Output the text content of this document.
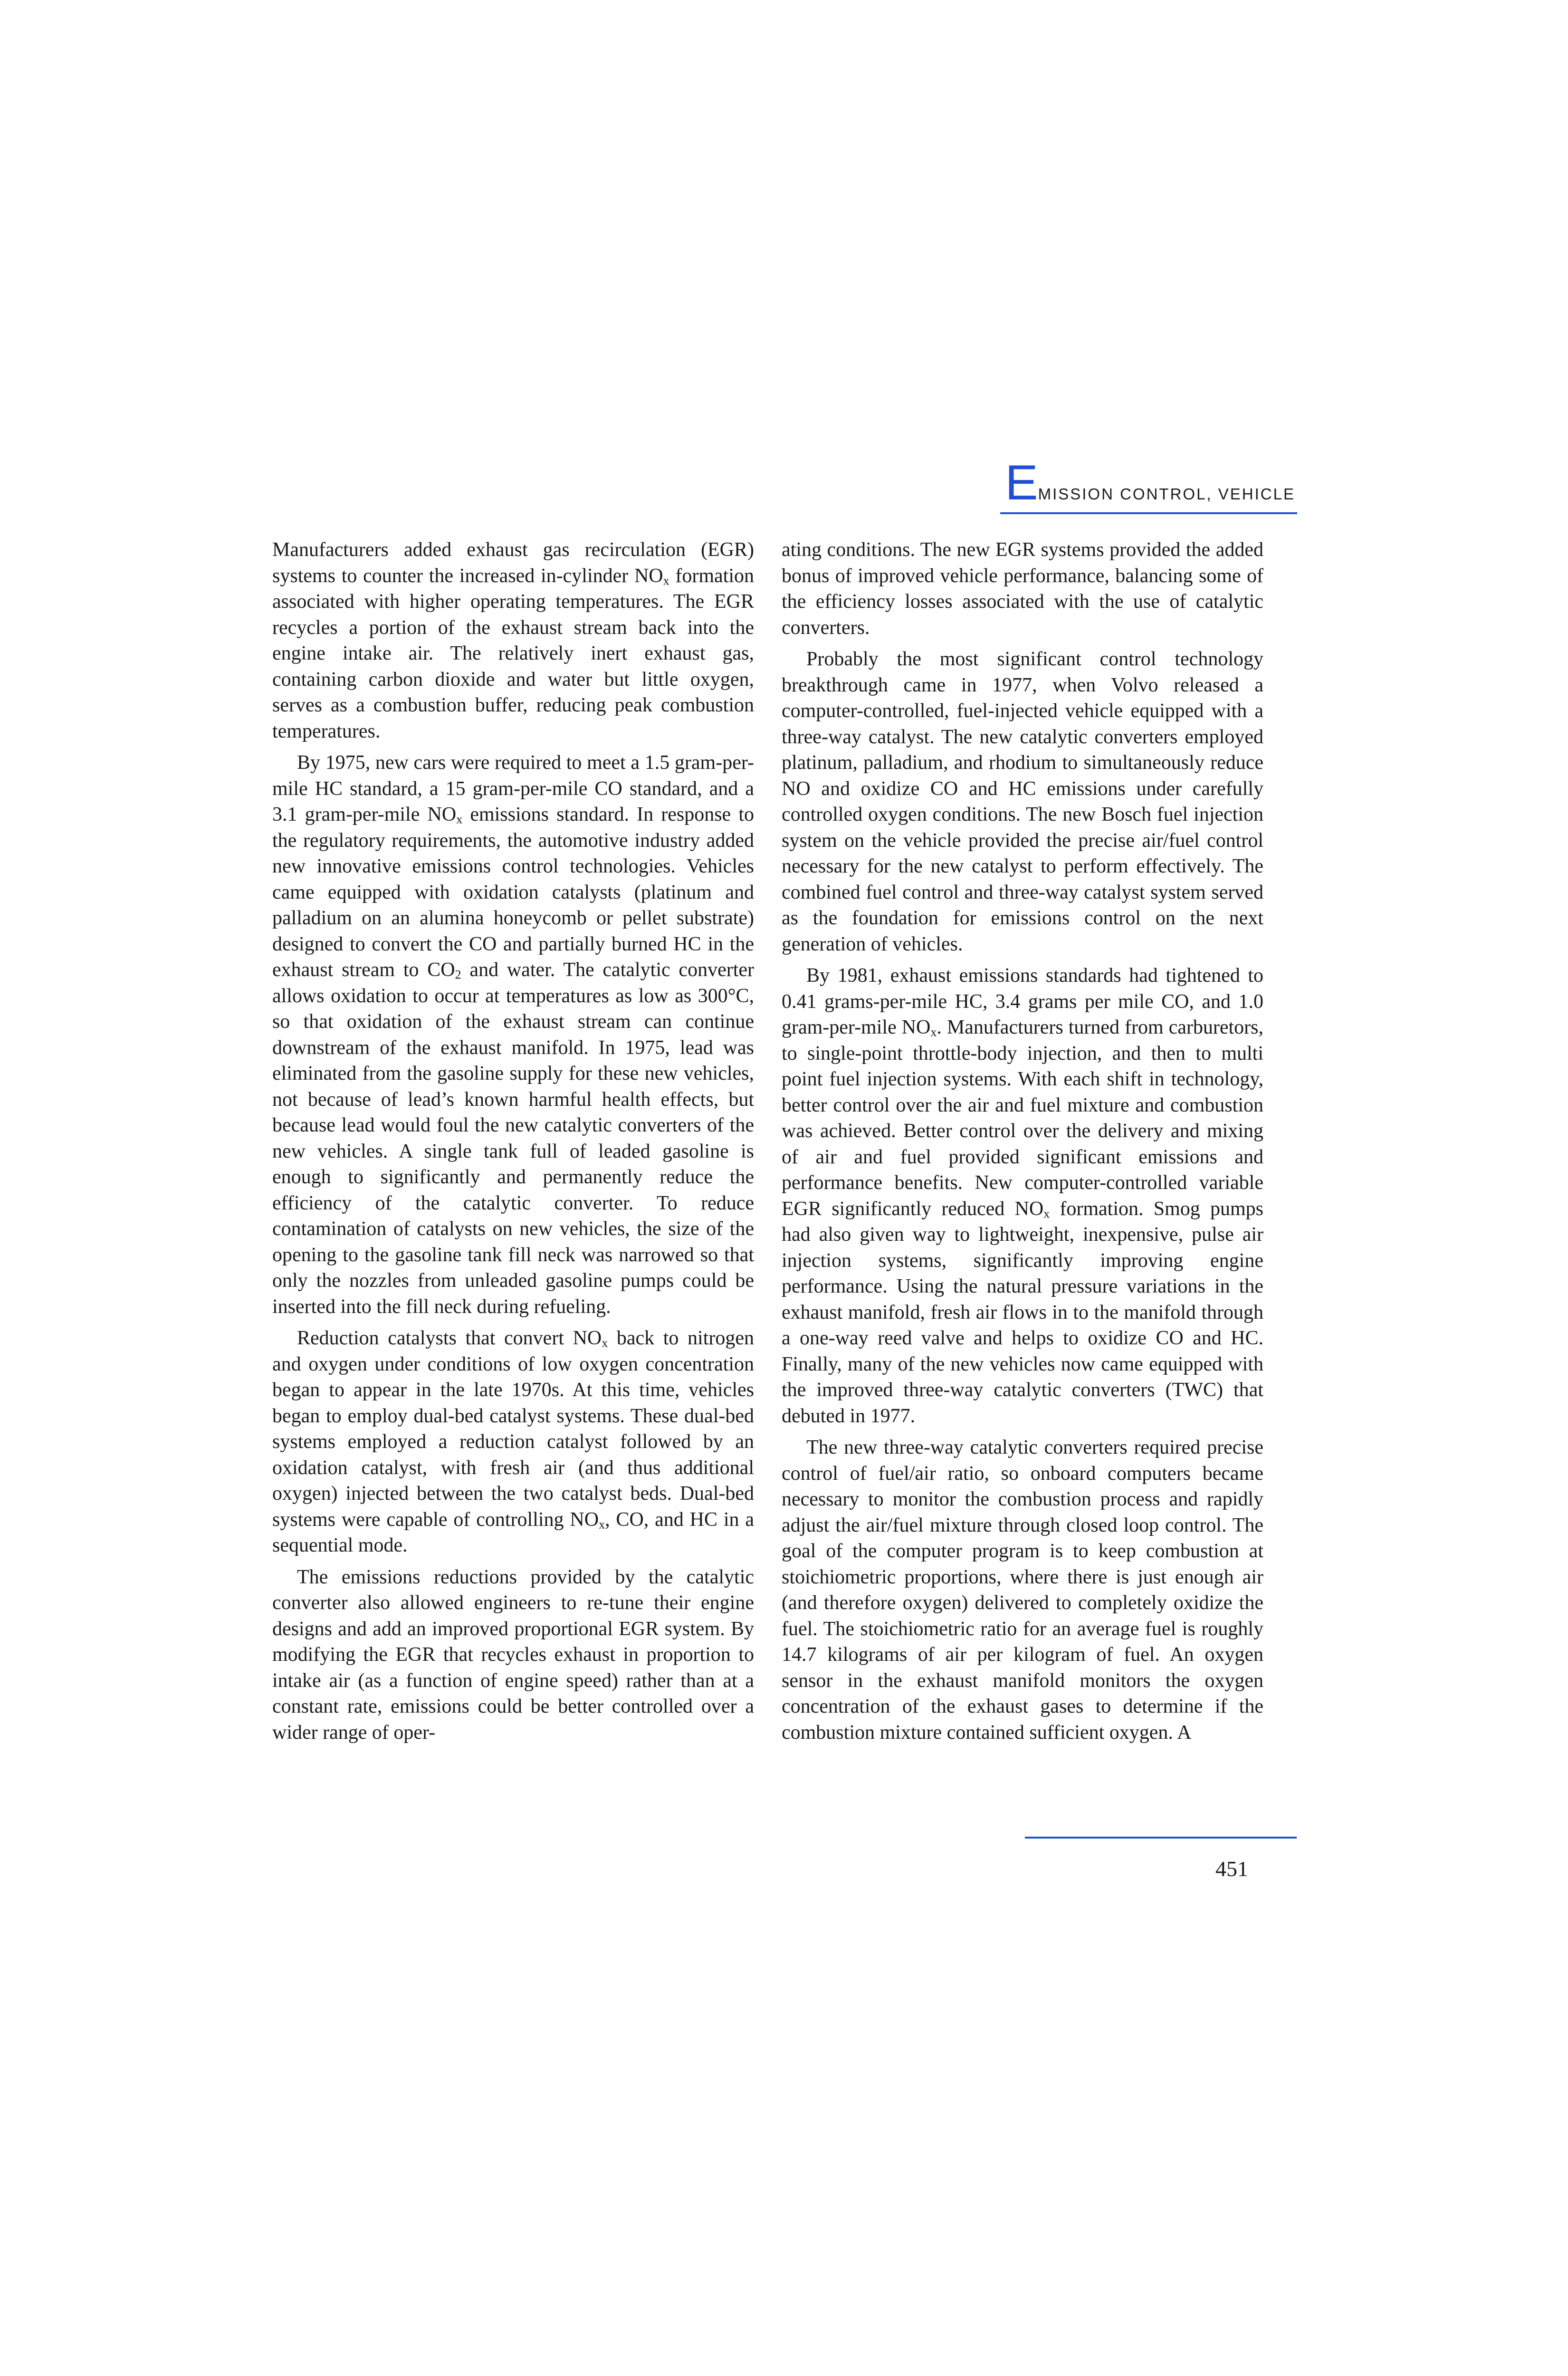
EMISSION CONTROL, VEHICLE

Manufacturers added exhaust gas recirculation (EGR) systems to counter the increased in-cylinder $NO_x$ formation associated with higher operating temperatures. The EGR recycles a portion of the exhaust stream back into the engine intake air. The relatively inert exhaust gas, containing carbon dioxide and water but little oxygen, serves as a combustion buffer, reducing peak combustion temperatures.

By 1975, new cars were required to meet a 1.5 gram-per-mile HC standard, a 15 gram-per-mile CO standard, and a 3.1 gram-per-mile $NO_x$ emissions standard. In response to the regulatory requirements, the automotive industry added new innovative emissions control technologies. Vehicles came equipped with oxidation catalysts (platinum and palladium on an alumina honeycomb or pellet substrate) designed to convert the CO and partially burned HC in the exhaust stream to $CO_2$ and water. The catalytic converter allows oxidation to occur at temperatures as low as 300°C, so that oxidation of the exhaust stream can continue downstream of the exhaust manifold. In 1975, lead was eliminated from the gasoline supply for these new vehicles, not because of lead’s known harmful health effects, but because lead would foul the new catalytic converters of the new vehicles. A single tank full of leaded gasoline is enough to significantly and permanently reduce the efficiency of the catalytic converter. To reduce contamination of catalysts on new vehicles, the size of the opening to the gasoline tank fill neck was narrowed so that only the nozzles from unleaded gasoline pumps could be inserted into the fill neck during refueling.

Reduction catalysts that convert $NO_x$ back to nitrogen and oxygen under conditions of low oxygen concentration began to appear in the late 1970s. At this time, vehicles began to employ dual-bed catalyst systems. These dual-bed systems employed a reduction catalyst followed by an oxidation catalyst, with fresh air (and thus additional oxygen) injected between the two catalyst beds. Dual-bed systems were capable of controlling $NO_x$, CO, and HC in a sequential mode.

The emissions reductions provided by the catalytic converter also allowed engineers to re-tune their engine designs and add an improved proportional EGR system. By modifying the EGR that recycles exhaust in proportion to intake air (as a function of engine speed) rather than at a constant rate, emissions could be better controlled over a wider range of oper-

ating conditions. The new EGR systems provided the added bonus of improved vehicle performance, balancing some of the efficiency losses associated with the use of catalytic converters.

Probably the most significant control technology breakthrough came in 1977, when Volvo released a computer-controlled, fuel-injected vehicle equipped with a three-way catalyst. The new catalytic converters employed platinum, palladium, and rhodium to simultaneously reduce NO and oxidize CO and HC emissions under carefully controlled oxygen conditions. The new Bosch fuel injection system on the vehicle provided the precise air/fuel control necessary for the new catalyst to perform effectively. The combined fuel control and three-way catalyst system served as the foundation for emissions control on the next generation of vehicles.

By 1981, exhaust emissions standards had tightened to 0.41 grams-per-mile HC, 3.4 grams per mile CO, and 1.0 gram-per-mile $NO_x$. Manufacturers turned from carburetors, to single-point throttle-body injection, and then to multi point fuel injection systems. With each shift in technology, better control over the air and fuel mixture and combustion was achieved. Better control over the delivery and mixing of air and fuel provided significant emissions and performance benefits. New computer-controlled variable EGR significantly reduced $NO_x$ formation. Smog pumps had also given way to lightweight, inexpensive, pulse air injection systems, significantly improving engine performance. Using the natural pressure variations in the exhaust manifold, fresh air flows in to the manifold through a one-way reed valve and helps to oxidize CO and HC. Finally, many of the new vehicles now came equipped with the improved three-way catalytic converters (TWC) that debuted in 1977.

The new three-way catalytic converters required precise control of fuel/air ratio, so onboard computers became necessary to monitor the combustion process and rapidly adjust the air/fuel mixture through closed loop control. The goal of the computer program is to keep combustion at stoichiometric proportions, where there is just enough air (and therefore oxygen) delivered to completely oxidize the fuel. The stoichiometric ratio for an average fuel is roughly 14.7 kilograms of air per kilogram of fuel. An oxygen sensor in the exhaust manifold monitors the oxygen concentration of the exhaust gases to determine if the combustion mixture contained sufficient oxygen. A

451
